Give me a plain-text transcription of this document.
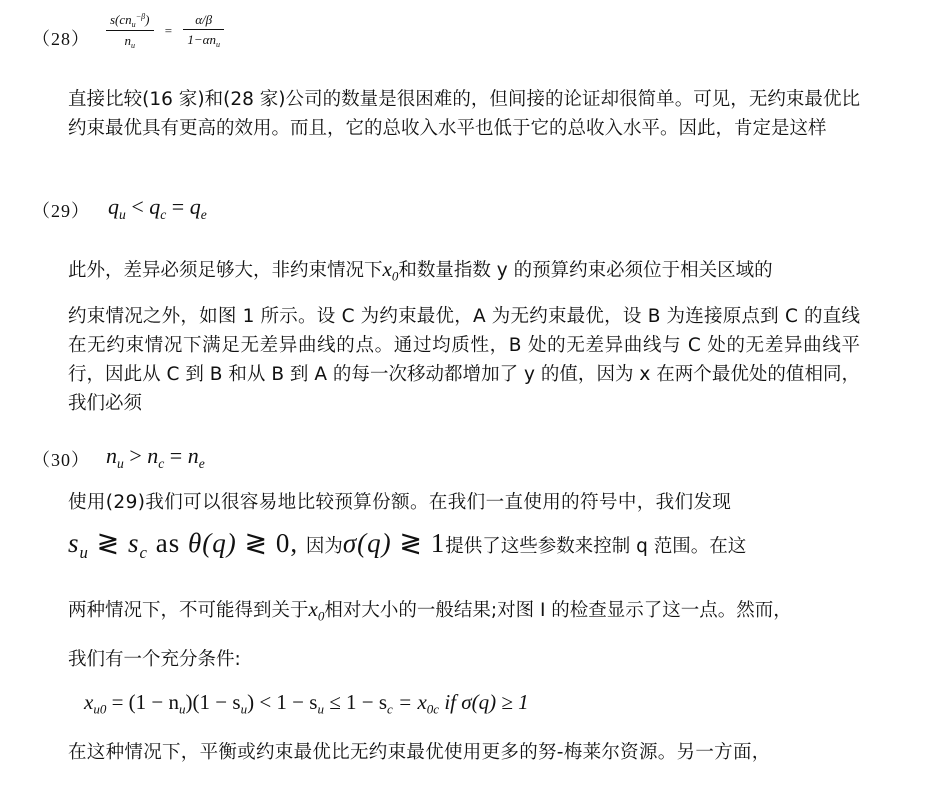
$(28) \frac{s(cn_u^{-\beta})}{n_u} = \frac{\alpha/\beta}{1-\alpha n_u}$
直接比较(16 家)和(28 家)公司的数量是很困难的，但间接的论证却很简单。可见，无约束最优比约束最优具有更高的效用。而且，它的总收入水平也低于它的总收入水平。因此，肯定是这样
（29） $q_u < q_c = q_e$
此外，差异必须足够大，非约束情况下$x_0$和数量指数 y 的预算约束必须位于相关区域的
约束情况之外，如图 1 所示。设 C 为约束最优，A 为无约束最优，设 B 为连接原点到 C 的直线在无约束情况下满足无差异曲线的点。通过均质性，B 处的无差异曲线与 C 处的无差异曲线平行，因此从 C 到 B 和从 B 到 A 的每一次移动都增加了 y 的值，因为 x 在两个最优处的值相同，我们必须
（30） $n_u > n_c = n_e$
使用(29)我们可以很容易地比较预算份额。在我们一直使用的符号中，我们发现
$s_u$ ≷ $s_c$ as θ(q) ≷ 0, 因为σ(q) ≷ 1提供了这些参数来控制 q 范围。在这
两种情况下，不可能得到关于$x_0$相对大小的一般结果;对图 I 的检查显示了这一点。然而，
我们有一个充分条件:
$x_{u0} = (1 - n_u)(1 - s_u) < 1 - s_u \le 1 - s_c = x_{0c}$ if σ(q) ≥ 1
在这种情况下，平衡或约束最优比无约束最优使用更多的努-梅莱尔资源。另一方面，
